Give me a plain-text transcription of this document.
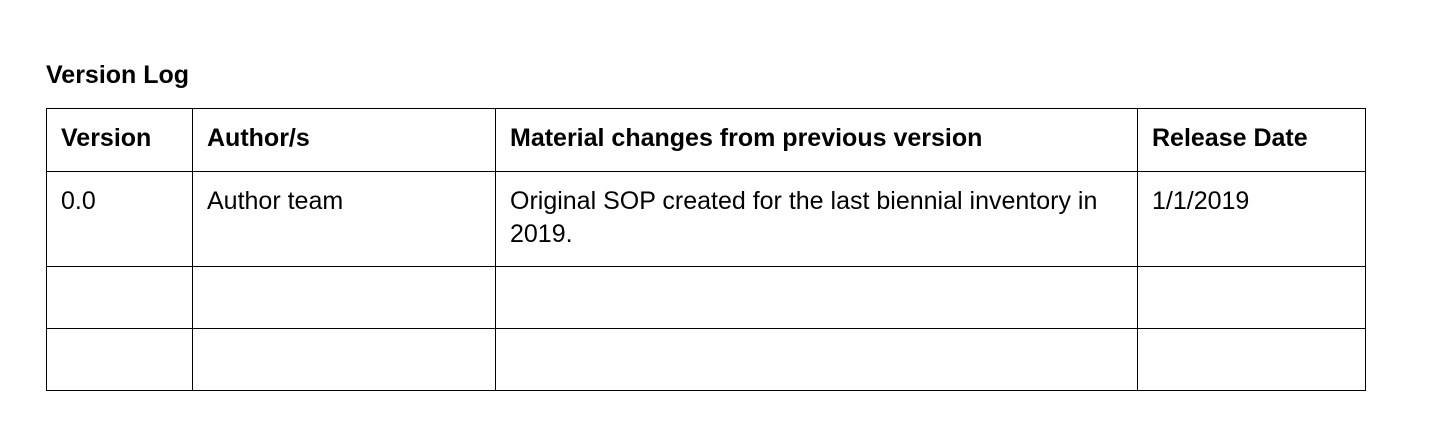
Version Log
Version	Author/s	Material changes from previous version	Release Date
0.0	Author team	Original SOP created for the last biennial inventory in 2019.	1/1/2019
